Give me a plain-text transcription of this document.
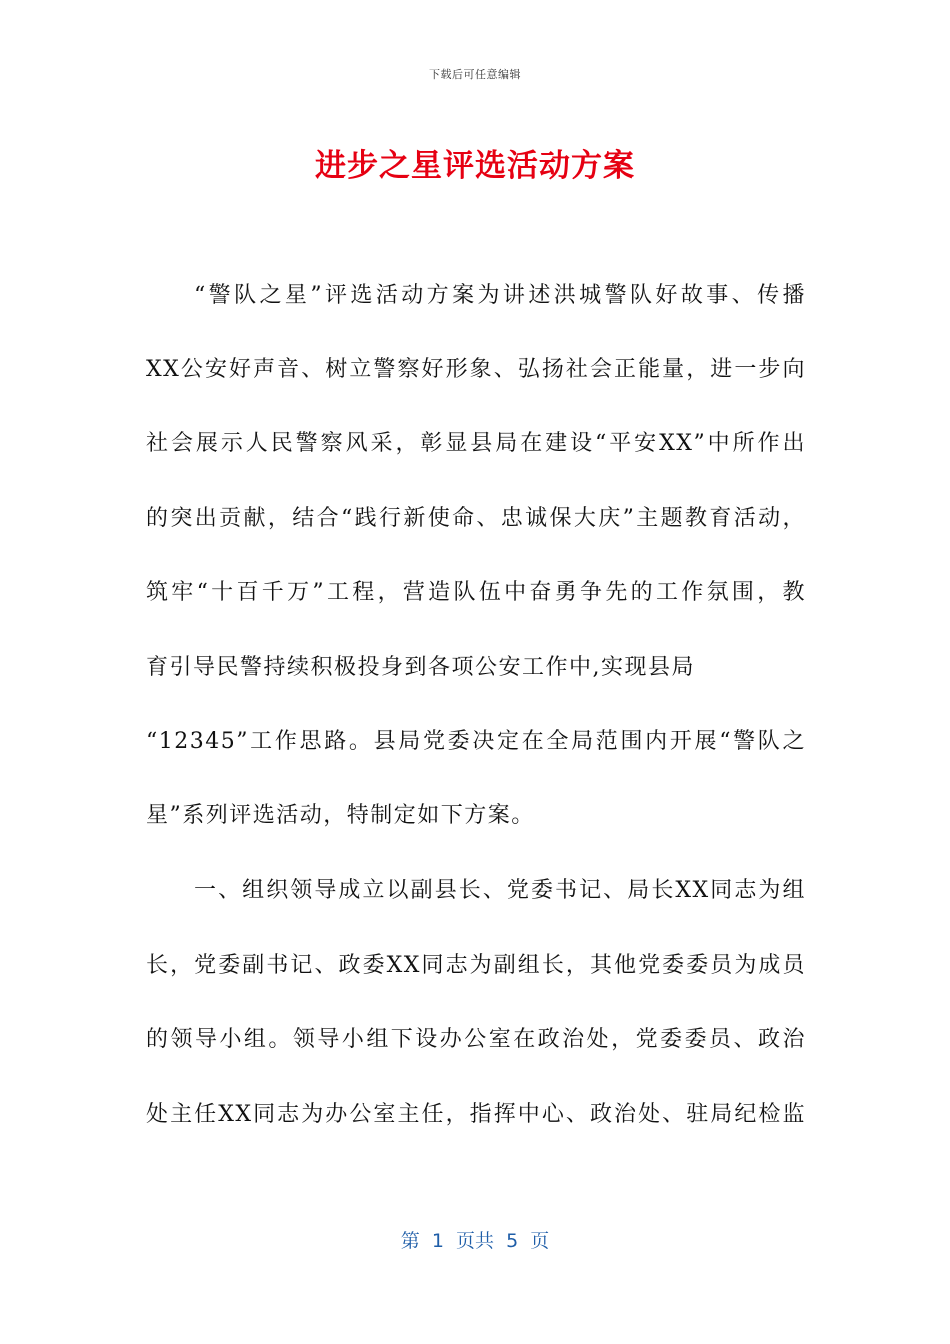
下载后可任意编辑
进步之星评选活动方案
“警队之星”评选活动方案为讲述洪城警队好故事、传播
XX公安好声音、树立警察好形象、弘扬社会正能量，进一步向
社会展示人民警察风采，彰显县局在建设“平安XX”中所作出
的突出贡献，结合“践行新使命、忠诚保大庆”主题教育活动，
筑牢“十百千万”工程，营造队伍中奋勇争先的工作氛围，教
育引导民警持续积极投身到各项公安工作中,实现县局
“12345”工作思路。县局党委决定在全局范围内开展“警队之
星”系列评选活动，特制定如下方案。
一、组织领导成立以副县长、党委书记、局长XX同志为组
长，党委副书记、政委XX同志为副组长，其他党委委员为成员
的领导小组。领导小组下设办公室在政治处，党委委员、政治
处主任XX同志为办公室主任，指挥中心、政治处、驻局纪检监
第  1  页共  5  页
